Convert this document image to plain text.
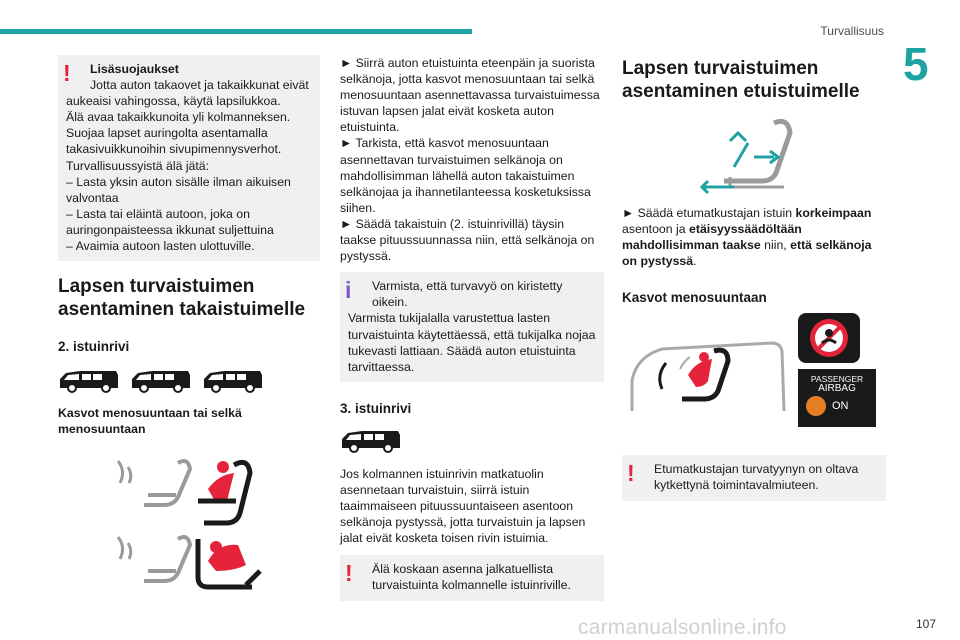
Turvallisuus
5
!	Lisäsuojaukset

Jotta auton takaovet ja takaikkunat eivät

aukeaisi vahingossa, käytä lapsilukkoa.

Älä avaa takaikkunoita yli kolmanneksen.

Suojaa lapset auringolta asentamalla

takasivuikkunoihin sivupimennysverhot.

Turvallisuussyistä älä jätä:

– Lasta yksin auton sisälle ilman aikuisen

valvontaa

– Lasta tai eläintä autoon, joka on

auringonpaisteessa ikkunat suljettuina

– Avaimia autoon lasten ulottuville.

Lapsen turvaistuimen
asentaminen takaistuimelle
2. istuinrivi

Kasvot menosuuntaan tai selkä
menosuuntaan

► Siirrä auton etuistuinta eteenpäin ja suorista
selkänoja, jotta kasvot menosuuntaan tai selkä
menosuuntaan asennettavassa turvaistuimessa
istuvan lapsen jalat eivät kosketa auton
etuistuinta.

► Tarkista, että kasvot menosuuntaan
asennettavan turvaistuimen selkänoja on
mahdollisimman lähellä auton takaistuimen
selkänojaa ja ihannetilanteessa kosketuksissa
siihen.

► Säädä takaistuin (2. istuinrivillä) täysin
taakse pituussuunnassa niin, että selkänoja on
pystyssä.

i	Varmista, että turvavyö on kiristetty

oikein.

Varmista tukijalalla varustettua lasten

turvaistuinta käytettäessä, että tukijalka nojaa

tukevasti lattiaan. Säädä auton etuistuinta

tarvittaessa.

3. istuinrivi

Jos kolmannen istuinrivin matkatuolin asennetaan turvaistuin, siirrä istuin
taaimmaiseen pituussuuntaiseen asentoon
selkänoja pystyssä, jotta turvaistuin ja lapsen
jalat eivät kosketa toisen rivin istuimia.

!	Älä koskaan asenna jalkatuellista

turvaistuinta kolmannelle istuinriville.

Lapsen turvaistuimen
asentaminen etuistuimelle

► Säädä etumatkustajan istuin korkeimpaan
asentoon ja etäisyyssäädöltään mahdollisimman taakse niin, että selkänoja on pystyssä.

Kasvot menosuuntaan
PASSENGER
AIRBAG
ON
!	Etumatkustajan turvatyynyn on oltava

kytkettynä toimintavalmiuteen.

carmanualsonline.info	107
